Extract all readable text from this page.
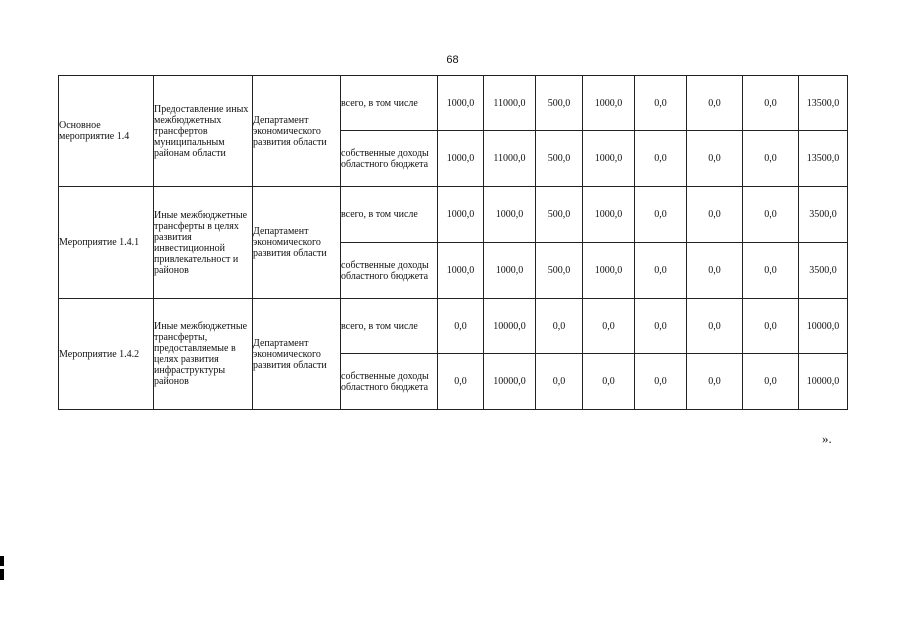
68
Основное мероприятие 1.4	Предоставление иных межбюджетных трансфертов муниципальным районам области	Департамент экономического развития области	всего, в том числе	1000,0	11000,0	500,0	1000,0	0,0	0,0	0,0	13500,0
			собственные доходы областного бюджета	1000,0	11000,0	500,0	1000,0	0,0	0,0	0,0	13500,0
Мероприятие 1.4.1	Иные межбюджетные трансферты в целях развития инвестиционной привлекательност и районов	Департамент экономического развития области	всего, в том числе	1000,0	1000,0	500,0	1000,0	0,0	0,0	0,0	3500,0
			собственные доходы областного бюджета	1000,0	1000,0	500,0	1000,0	0,0	0,0	0,0	3500,0
Мероприятие 1.4.2	Иные межбюджетные трансферты, предоставляемые в целях развития инфраструктуры районов	Департамент экономического развития области	всего, в том числе	0,0	10000,0	0,0	0,0	0,0	0,0	0,0	10000,0
			собственные доходы областного бюджета	0,0	10000,0	0,0	0,0	0,0	0,0	0,0	10000,0
».
